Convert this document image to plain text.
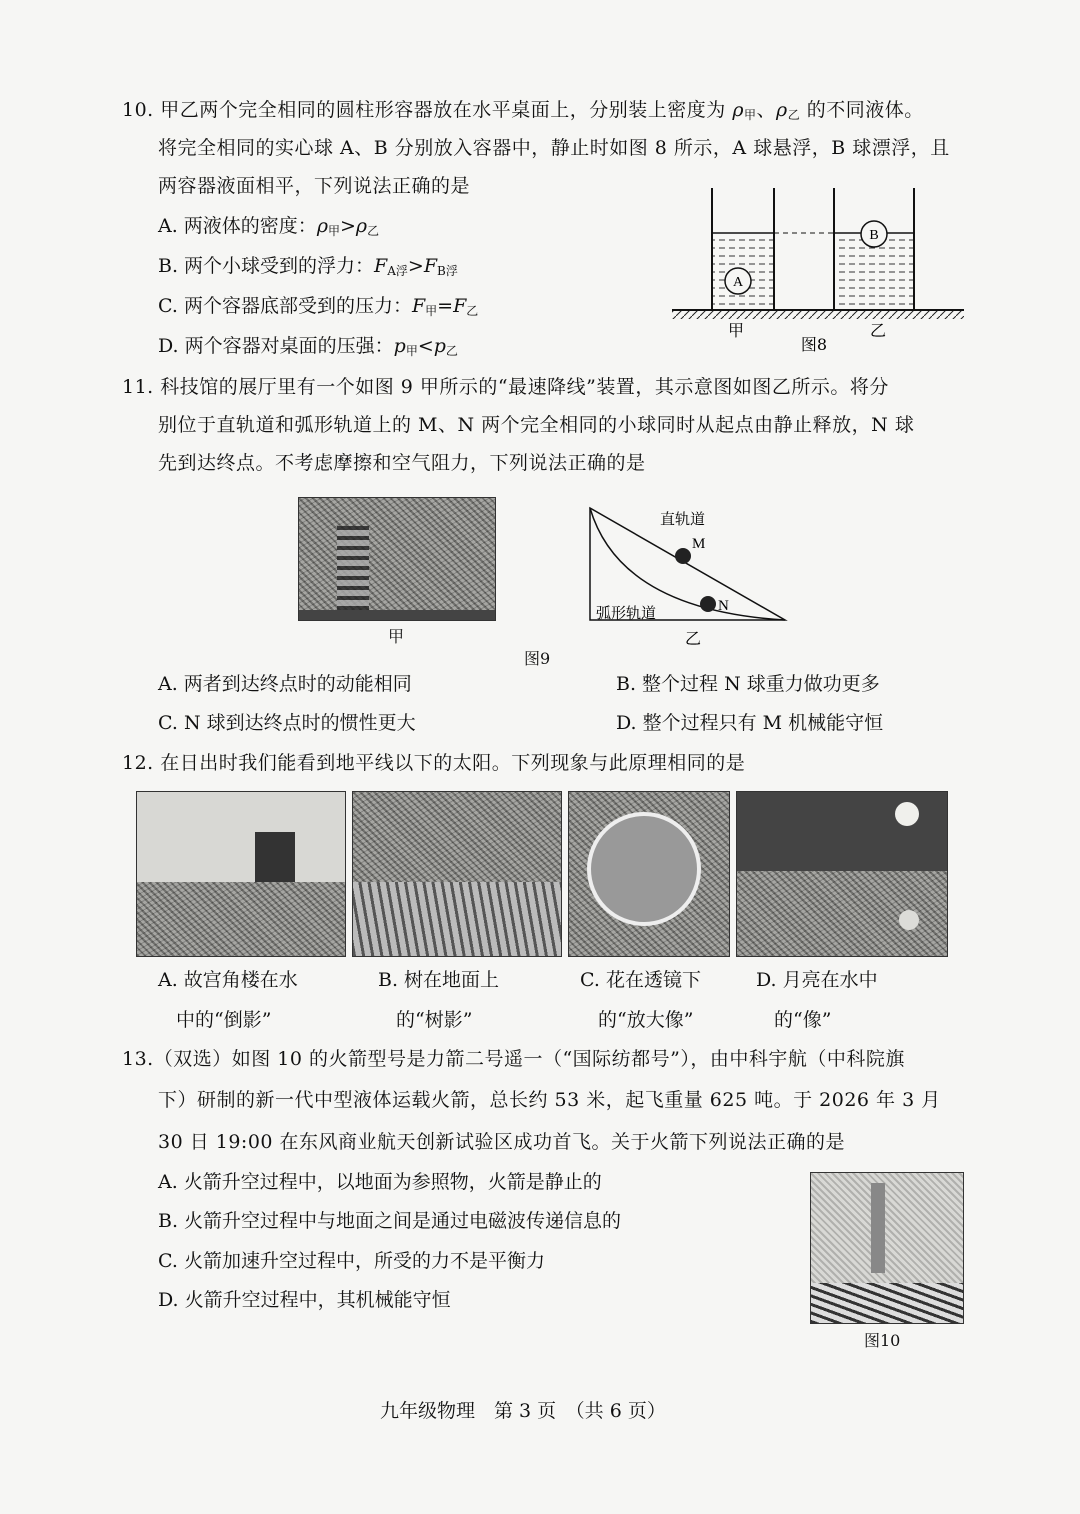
10. 甲乙两个完全相同的圆柱形容器放在水平桌面上，分别装上密度为 $\rho_甲$、$\rho_乙$ 的不同液体。
将完全相同的实心球 A、B 分别放入容器中，静止时如图 8 所示，A 球悬浮，B 球漂浮，且
两容器液面相平，下列说法正确的是
A. 两液体的密度：$\rho_甲>\rho_乙$
B. 两个小球受到的浮力：$F_{A浮}>F_{B浮}$
C. 两个容器底部受到的压力：$F_甲=F_乙$
D. 两个容器对桌面的压强：$p_甲<p_乙$
A
B
甲	乙
图8
11. 科技馆的展厅里有一个如图 9 甲所示的“最速降线”装置，其示意图如图乙所示。将分
别位于直轨道和弧形轨道上的 M、N 两个完全相同的小球同时从起点由静止释放，N 球
先到达终点。不考虑摩擦和空气阻力，下列说法正确的是
甲
直轨道
M
N
弧形轨道
乙
图9
A. 两者到达终点时的动能相同	B. 整个过程 N 球重力做功更多
C. N 球到达终点时的惯性更大	D. 整个过程只有 M 机械能守恒
12. 在日出时我们能看到地平线以下的太阳。下列现象与此原理相同的是
A. 故宫角楼在水
中的“倒影”
B. 树在地面上
的“树影”
C. 花在透镜下
的“放大像”
D. 月亮在水中
的“像”
13.（双选）如图 10 的火箭型号是力箭二号遥一（“国际纺都号”），由中科宇航（中科院旗
下）研制的新一代中型液体运载火箭，总长约 53 米，起飞重量 625 吨。于 2026 年 3 月
30 日 19:00 在东风商业航天创新试验区成功首飞。关于火箭下列说法正确的是
A. 火箭升空过程中，以地面为参照物，火箭是静止的
B. 火箭升空过程中与地面之间是通过电磁波传递信息的
C. 火箭加速升空过程中，所受的力不是平衡力
D. 火箭升空过程中，其机械能守恒
图10
九年级物理　第 3 页　（共 6 页）
